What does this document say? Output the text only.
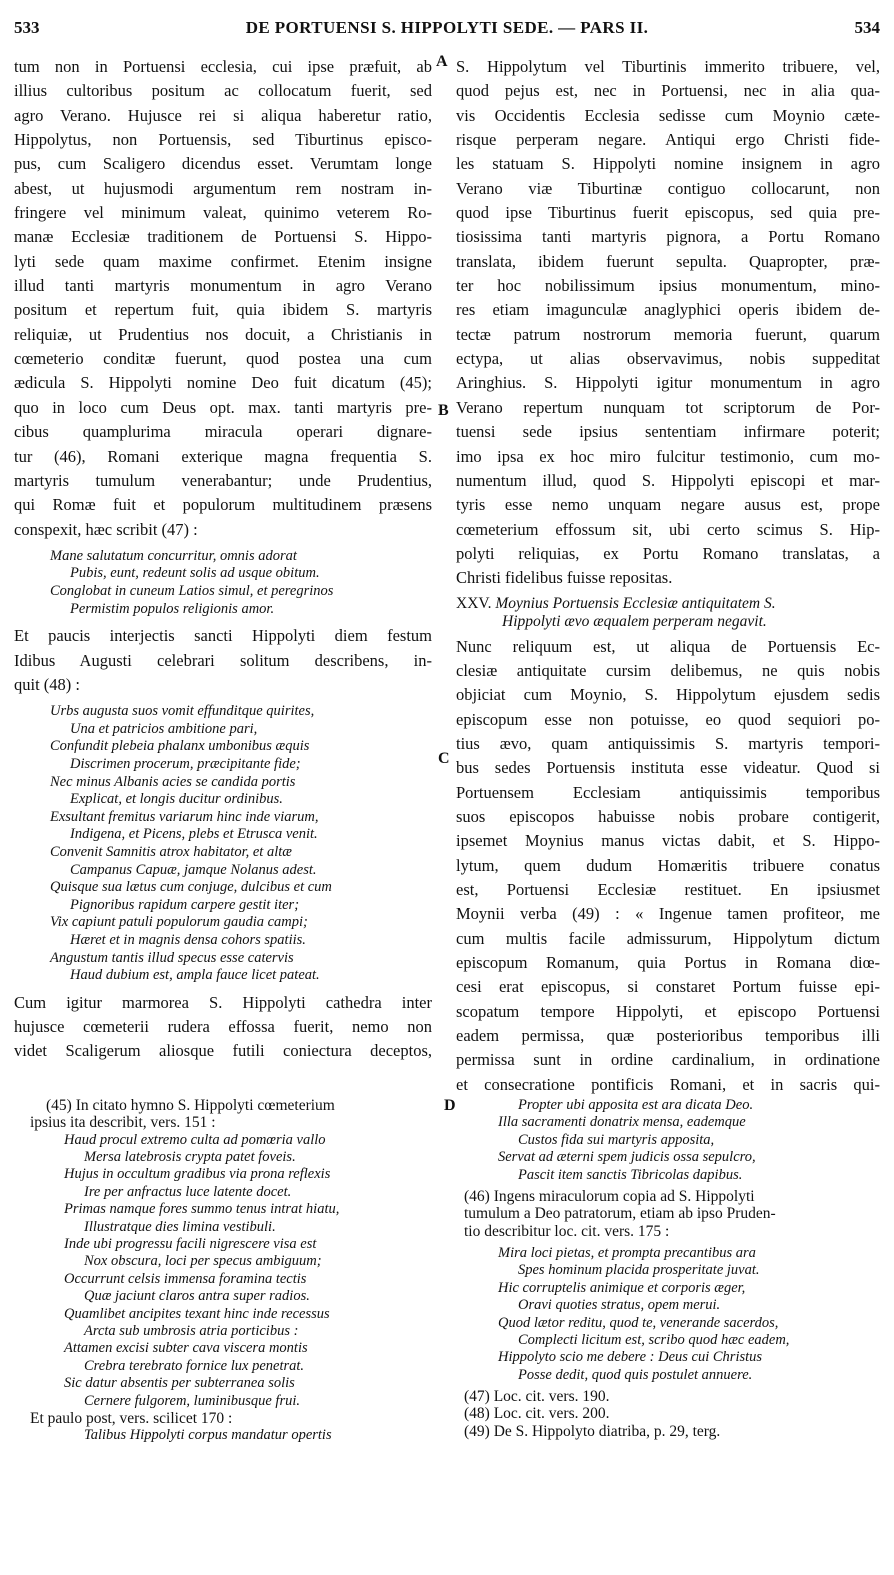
533	DE PORTUENSI S. HIPPOLYTI SEDE. — PARS II.	534
A
B
C
D
tum non in Portuensi ecclesia, cui ipse præfuit, ab
illius cultoribus positum ac collocatum fuerit, sed
agro Verano. Hujusce rei si aliqua haberetur ratio,
Hippolytus, non Portuensis, sed Tiburtinus episco-
pus, cum Scaligero dicendus esset. Verumtam longe
abest, ut hujusmodi argumentum rem nostram in-
fringere vel minimum valeat, quinimo veterem Ro-
manæ Ecclesiæ traditionem de Portuensi S. Hippo-
lyti sede quam maxime confirmet. Etenim insigne
illud tanti martyris monumentum in agro Verano
positum et repertum fuit, quia ibidem S. martyris
reliquiæ, ut Prudentius nos docuit, a Christianis in
cœmeterio conditæ fuerunt, quod postea una cum
ædicula S. Hippolyti nomine Deo fuit dicatum (45);
quo in loco cum Deus opt. max. tanti martyris pre-
cibus quamplurima miracula operari dignare-
tur (46), Romani exterique magna frequentia S.
martyris tumulum venerabantur; unde Prudentius,
qui Romæ fuit et populorum multitudinem præsens
conspexit, hæc scribit (47) :
Mane salutatum concurritur, omnis adorat
Pubis, eunt, redeunt solis ad usque obitum.
Conglobat in cuneum Latios simul, et peregrinos
Permistim populos religionis amor.
Et paucis interjectis sancti Hippolyti diem festum
Idibus Augusti celebrari solitum describens, in-
quit (48) :
Urbs augusta suos vomit effunditque quirites,
Una et patricios ambitione pari,
Confundit plebeia phalanx umbonibus æquis
Discrimen procerum, præcipitante fide;
Nec minus Albanis acies se candida portis
Explicat, et longis ducitur ordinibus.
Exsultant fremitus variarum hinc inde viarum,
Indigena, et Picens, plebs et Etrusca venit.
Convenit Samnitis atrox habitator, et altæ
Campanus Capuæ, jamque Nolanus adest.
Quisque sua lætus cum conjuge, dulcibus et cum
Pignoribus rapidum carpere gestit iter;
Vix capiunt patuli populorum gaudia campi;
Hæret et in magnis densa cohors spatiis.
Angustum tantis illud specus esse catervis
Haud dubium est, ampla fauce licet pateat.
Cum igitur marmorea S. Hippolyti cathedra inter
hujusce cœmeterii rudera effossa fuerit, nemo non
videt Scaligerum aliosque futili coniectura deceptos,
S. Hippolytum vel Tiburtinis immerito tribuere, vel,
quod pejus est, nec in Portuensi, nec in alia qua-
vis Occidentis Ecclesia sedisse cum Moynio cæte-
risque perperam negare. Antiqui ergo Christi fide-
les statuam S. Hippolyti nomine insignem in agro
Verano viæ Tiburtinæ contiguo collocarunt, non
quod ipse Tiburtinus fuerit episcopus, sed quia pre-
tiosissima tanti martyris pignora, a Portu Romano
translata, ibidem fuerunt sepulta. Quapropter, præ-
ter hoc nobilissimum ipsius monumentum, mino-
res etiam imagunculæ anaglyphici operis ibidem de-
tectæ patrum nostrorum memoria fuerunt, quarum
ectypa, ut alias observavimus, nobis suppeditat
Aringhius. S. Hippolyti igitur monumentum in agro
Verano repertum nunquam tot scriptorum de Por-
tuensi sede ipsius sententiam infirmare poterit;
imo ipsa ex hoc miro fulcitur testimonio, cum mo-
numentum illud, quod S. Hippolyti episcopi et mar-
tyris esse nemo unquam negare ausus est, prope
cœmeterium effossum sit, ubi certo scimus S. Hip-
polyti reliquias, ex Portu Romano translatas, a
Christi fidelibus fuisse repositas.
XXV. Moynius Portuensis Ecclesiæ antiquitatem S.
Hippolyti ævo æqualem perperam negavit.
Nunc reliquum est, ut aliqua de Portuensis Ec-
clesiæ antiquitate cursim delibemus, ne quis nobis
objiciat cum Moynio, S. Hippolytum ejusdem sedis
episcopum esse non potuisse, eo quod sequiori po-
tius ævo, quam antiquissimis S. martyris tempori-
bus sedes Portuensis instituta esse videatur. Quod si
Portuensem Ecclesiam antiquissimis temporibus
suos episcopos habuisse nobis probare contigerit,
ipsemet Moynius manus victas dabit, et S. Hippo-
lytum, quem dudum Homæritis tribuere conatus
est, Portuensi Ecclesiæ restituet. En ipsiusmet
Moynii verba (49) : « Ingenue tamen profiteor, me
cum multis facile admissurum, Hippolytum dictum
episcopum Romanum, quia Portus in Romana diœ-
cesi erat episcopus, si constaret Portum fuisse epi-
scopatum tempore Hippolyti, et episcopo Portuensi
eadem permissa, quæ posterioribus temporibus illi
permissa sunt in ordine cardinalium, in ordinatione
et consecratione pontificis Romani, et in sacris qui-
(45) In citato hymno S. Hippolyti cœmeterium
ipsius ita describit, vers. 151 :
Haud procul extremo culta ad pomœria vallo
Mersa latebrosis crypta patet foveis.
Hujus in occultum gradibus via prona reflexis
Ire per anfractus luce latente docet.
Primas namque fores summo tenus intrat hiatu,
Illustratque dies limina vestibuli.
Inde ubi progressu facili nigrescere visa est
Nox obscura, loci per specus ambiguum;
Occurrunt celsis immensa foramina tectis
Quæ jaciunt claros antra super radios.
Quamlibet ancipites texant hinc inde recessus
Arcta sub umbrosis atria porticibus :
Attamen excisi subter cava viscera montis
Crebra terebrato fornice lux penetrat.
Sic datur absentis per subterranea solis
Cernere fulgorem, luminibusque frui.
Et paulo post, vers. scilicet 170 :
Talibus Hippolyti corpus mandatur opertis
Propter ubi apposita est ara dicata Deo.
Illa sacramenti donatrix mensa, eademque
Custos fida sui martyris apposita,
Servat ad æterni spem judicis ossa sepulcro,
Pascit item sanctis Tibricolas dapibus.
(46) Ingens miraculorum copia ad S. Hippolyti
tumulum a Deo patratorum, etiam ab ipso Pruden-
tio describitur loc. cit. vers. 175 :
Mira loci pietas, et prompta precantibus ara
Spes hominum placida prosperitate juvat.
Hic corruptelis animique et corporis æger,
Oravi quoties stratus, opem merui.
Quod lætor reditu, quod te, venerande sacerdos,
Complecti licitum est, scribo quod hæc eadem,
Hippolyto scio me debere : Deus cui Christus
Posse dedit, quod quis postulet annuere.
(47) Loc. cit. vers. 190.
(48) Loc. cit. vers. 200.
(49) De S. Hippolyto diatriba, p. 29, terg.
